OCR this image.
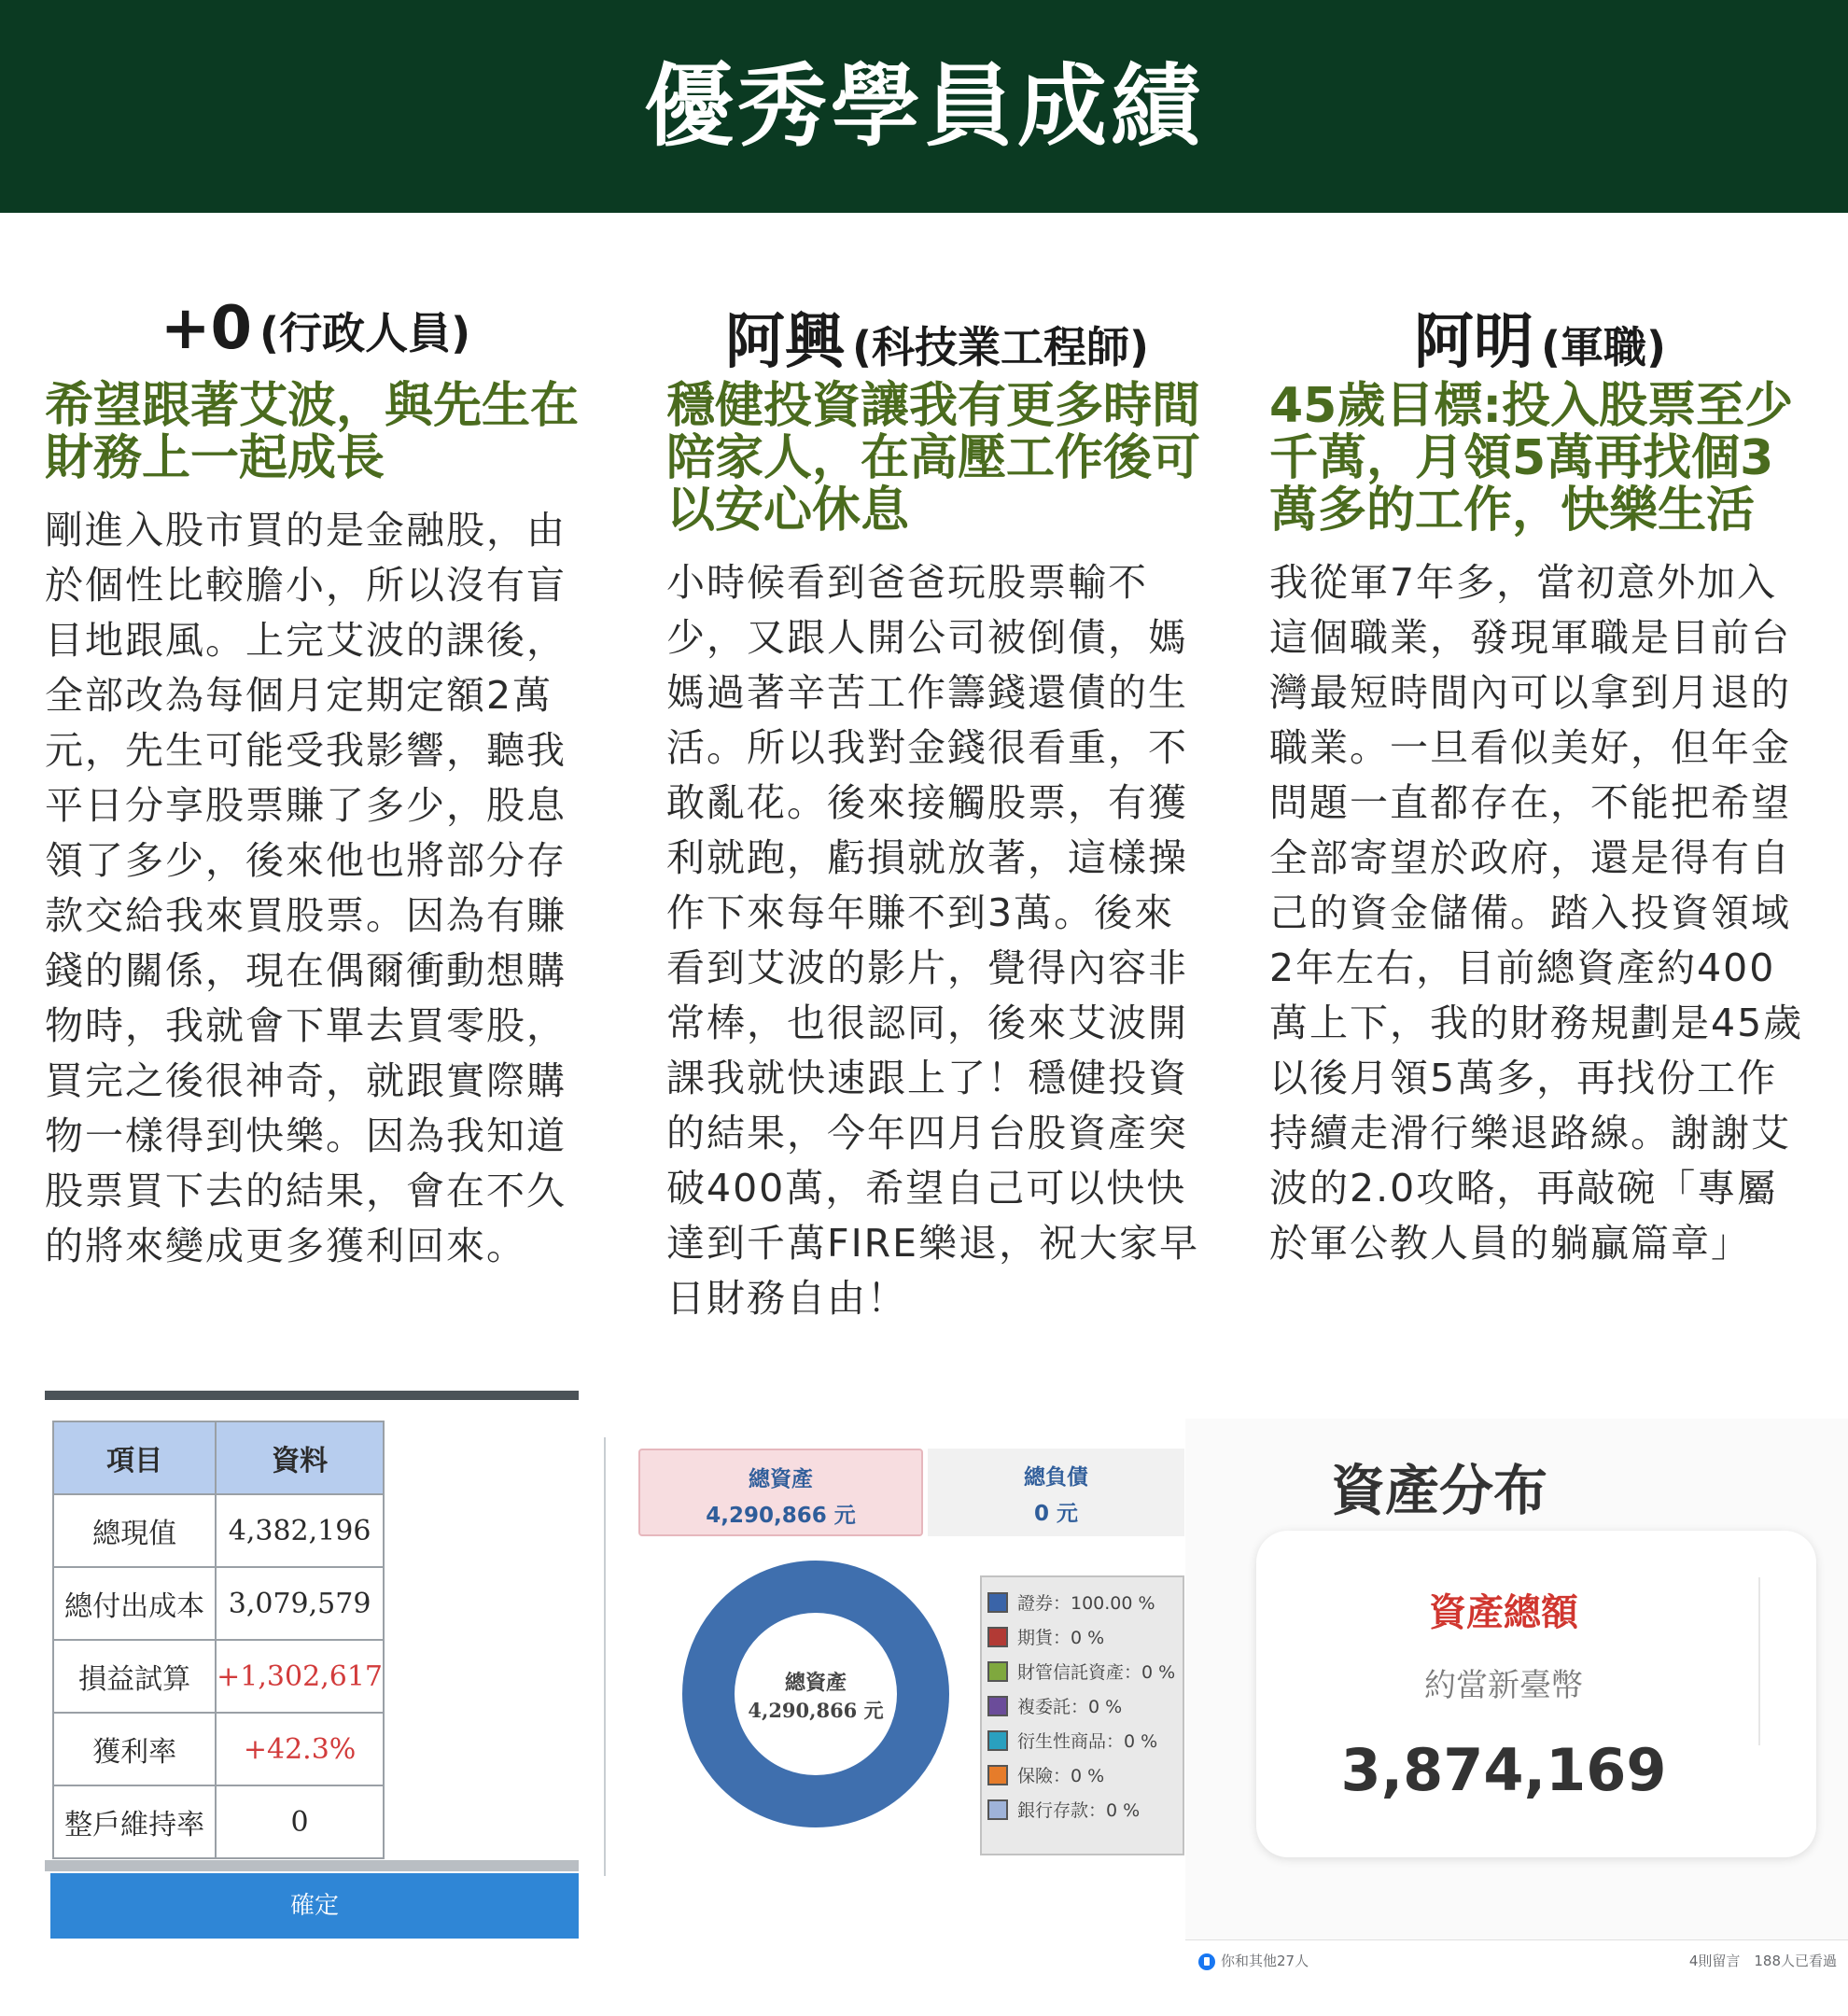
優秀學員成績
+0 (行政人員)
希望跟著艾波，與先生在財務上一起成長
剛進入股市買的是金融股，由於個性比較膽小，所以沒有盲目地跟風。上完艾波的課後，全部改為每個月定期定額2萬元，先生可能受我影響，聽我平日分享股票賺了多少，股息領了多少，後來他也將部分存款交給我來買股票。因為有賺錢的關係，現在偶爾衝動想購物時，我就會下單去買零股，買完之後很神奇，就跟實際購物一樣得到快樂。因為我知道股票買下去的結果，會在不久的將來變成更多獲利回來。
阿興 (科技業工程師)
穩健投資讓我有更多時間陪家人，在高壓工作後可以安心休息
小時候看到爸爸玩股票輸不少，又跟人開公司被倒債，媽媽過著辛苦工作籌錢還債的生活。所以我對金錢很看重，不敢亂花。後來接觸股票，有獲利就跑，虧損就放著，這樣操作下來每年賺不到3萬。後來看到艾波的影片，覺得內容非常棒，也很認同，後來艾波開課我就快速跟上了！穩健投資的結果，今年四月台股資產突破400萬，希望自己可以快快達到千萬FIRE樂退，祝大家早日財務自由！
阿明 (軍職)
45歲目標:投入股票至少千萬，月領5萬再找個3萬多的工作，快樂生活
我從軍7年多，當初意外加入這個職業，發現軍職是目前台灣最短時間內可以拿到月退的職業。一旦看似美好，但年金問題一直都存在，不能把希望全部寄望於政府，還是得有自己的資金儲備。踏入投資領域2年左右，目前總資產約400萬上下，我的財務規劃是45歲以後月領5萬多，再找份工作持續走滑行樂退路線。謝謝艾波的2.0攻略，再敲碗「專屬於軍公教人員的躺贏篇章」
項目	資料
總現值	4,382,196
總付出成本	3,079,579
損益試算	+1,302,617
獲利率	+42.3%
整戶維持率	0
確定
總資產
4,290,866 元
總負債
0 元
總資產
4,290,866 元
證券：100.00 %
期貨：0 %
財管信託資產：0 %
複委託：0 %
衍生性商品：0 %
保險：0 %
銀行存款：0 %
資產分布
資產總額
約當新臺幣
3,874,169
你和其他27人	4則留言　188人已看過
